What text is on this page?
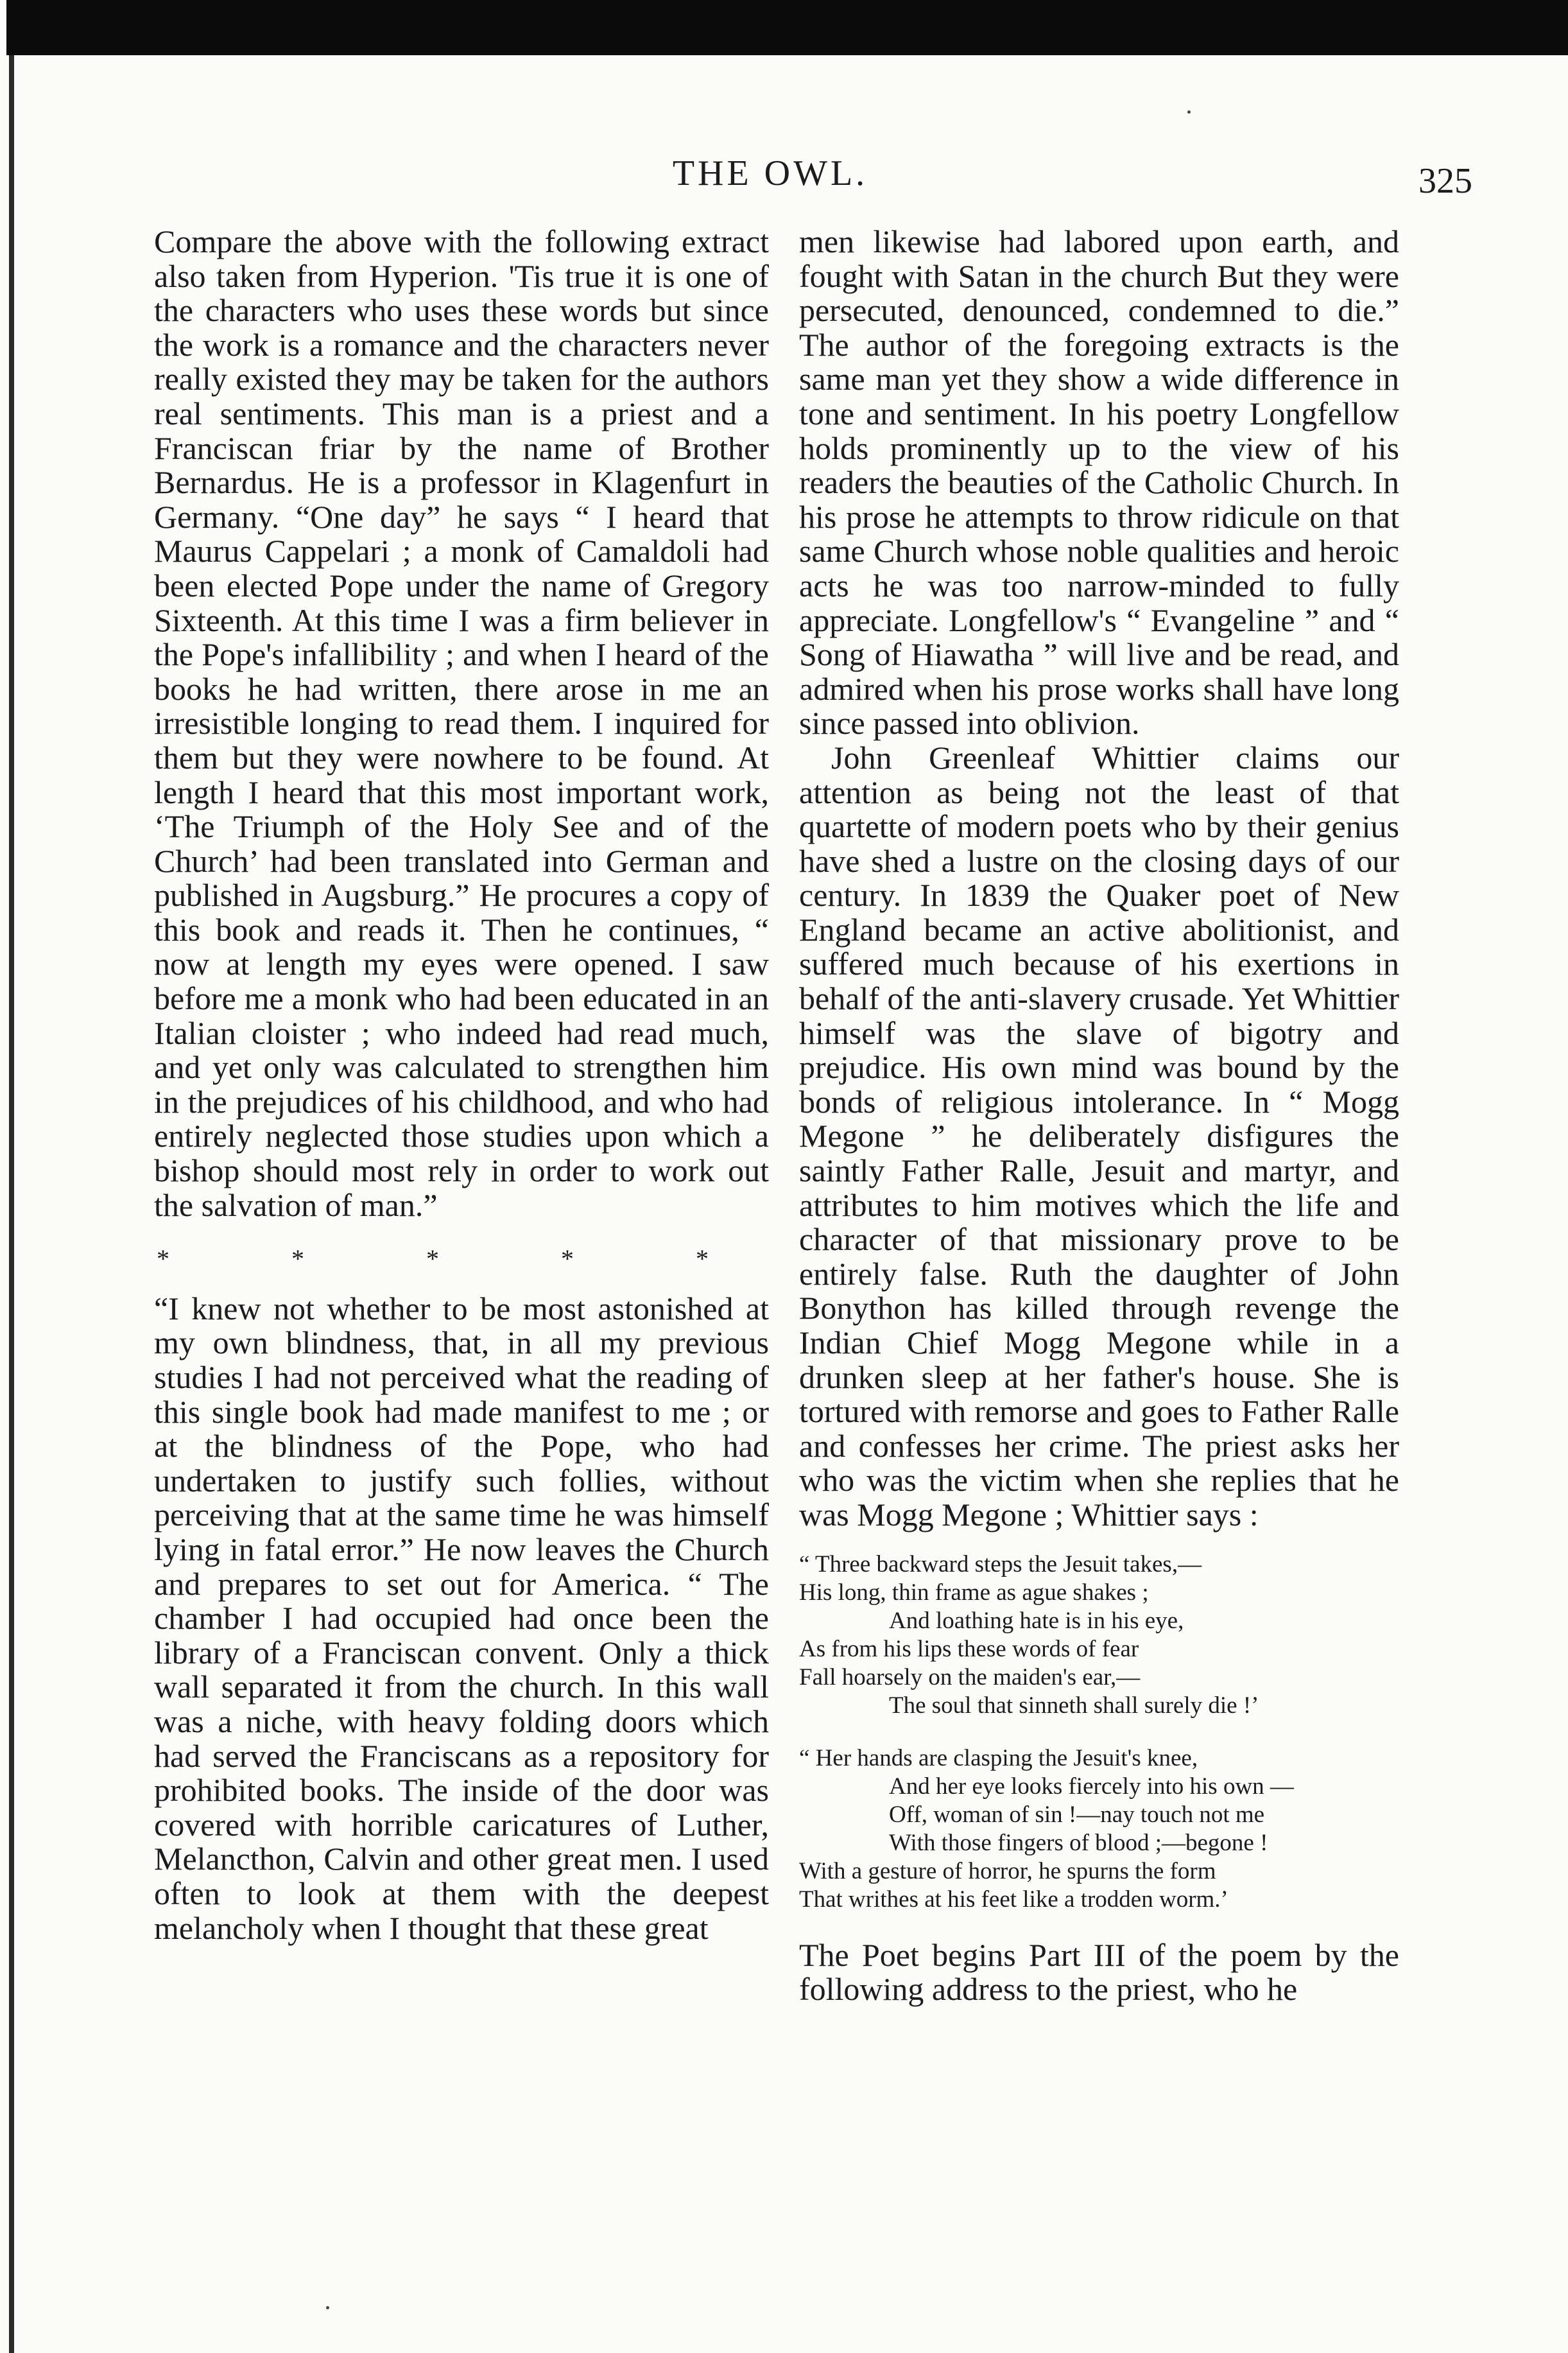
THE OWL.	325

Compare the above with the following extract also taken from Hyperion. 'Tis true it is one of the characters who uses these words but since the work is a romance and the characters never really existed they may be taken for the authors real sentiments. This man is a priest and a Franciscan friar by the name of Brother Bernardus. He is a professor in Klagenfurt in Germany. “One day” he says “ I heard that Maurus Cappelari ; a monk of Camaldoli had been elected Pope under the name of Gregory Sixteenth. At this time I was a firm believer in the Pope's infallibility ; and when I heard of the books he had written, there arose in me an irresistible longing to read them. I inquired for them but they were nowhere to be found. At length I heard that this most important work, ‘The Triumph of the Holy See and of the Church’ had been translated into German and published in Augsburg.” He procures a copy of this book and reads it. Then he continues, “ now at length my eyes were opened. I saw before me a monk who had been educated in an Italian cloister ; who indeed had read much, and yet only was calculated to strengthen him in the prejudices of his childhood, and who had entirely neglected those studies upon which a bishop should most rely in order to work out the salvation of man.”

* * * * *

“I knew not whether to be most astonished at my own blindness, that, in all my previous studies I had not perceived what the reading of this single book had made manifest to me ; or at the blindness of the Pope, who had undertaken to justify such follies, without perceiving that at the same time he was himself lying in fatal error.” He now leaves the Church and prepares to set out for America. “ The chamber I had occupied had once been the library of a Franciscan convent. Only a thick wall separated it from the church. In this wall was a niche, with heavy folding doors which had served the Franciscans as a repository for prohibited books. The inside of the door was covered with horrible caricatures of Luther, Melancthon, Calvin and other great men. I used often to look at them with the deepest melancholy when I thought that these great

men likewise had labored upon earth, and fought with Satan in the church But they were persecuted, denounced, condemned to die.” The author of the foregoing extracts is the same man yet they show a wide difference in tone and sentiment. In his poetry Longfellow holds prominently up to the view of his readers the beauties of the Catholic Church. In his prose he attempts to throw ridicule on that same Church whose noble qualities and heroic acts he was too narrow-minded to fully appreciate. Longfellow's “ Evangeline ” and “ Song of Hiawatha ” will live and be read, and admired when his prose works shall have long since passed into oblivion.

John Greenleaf Whittier claims our attention as being not the least of that quartette of modern poets who by their genius have shed a lustre on the closing days of our century. In 1839 the Quaker poet of New England became an active abolitionist, and suffered much because of his exertions in behalf of the anti-slavery crusade. Yet Whittier himself was the slave of bigotry and prejudice. His own mind was bound by the bonds of religious intolerance. In “ Mogg Megone ” he deliberately disfigures the saintly Father Ralle, Jesuit and martyr, and attributes to him motives which the life and character of that missionary prove to be entirely false. Ruth the daughter of John Bonython has killed through revenge the Indian Chief Mogg Megone while in a drunken sleep at her father's house. She is tortured with remorse and goes to Father Ralle and confesses her crime. The priest asks her who was the victim when she replies that he was Mogg Megone ; Whittier says :

“ Three backward steps the Jesuit takes,—

His long, thin frame as ague shakes ;

And loathing hate is in his eye,

As from his lips these words of fear

Fall hoarsely on the maiden's ear,—

The soul that sinneth shall surely die !’

“ Her hands are clasping the Jesuit's knee,

And her eye looks fiercely into his own —

Off, woman of sin !—nay touch not me

With those fingers of blood ;—begone !

With a gesture of horror, he spurns the form

That writhes at his feet like a trodden worm.’

The Poet begins Part III of the poem by the following address to the priest, who he
